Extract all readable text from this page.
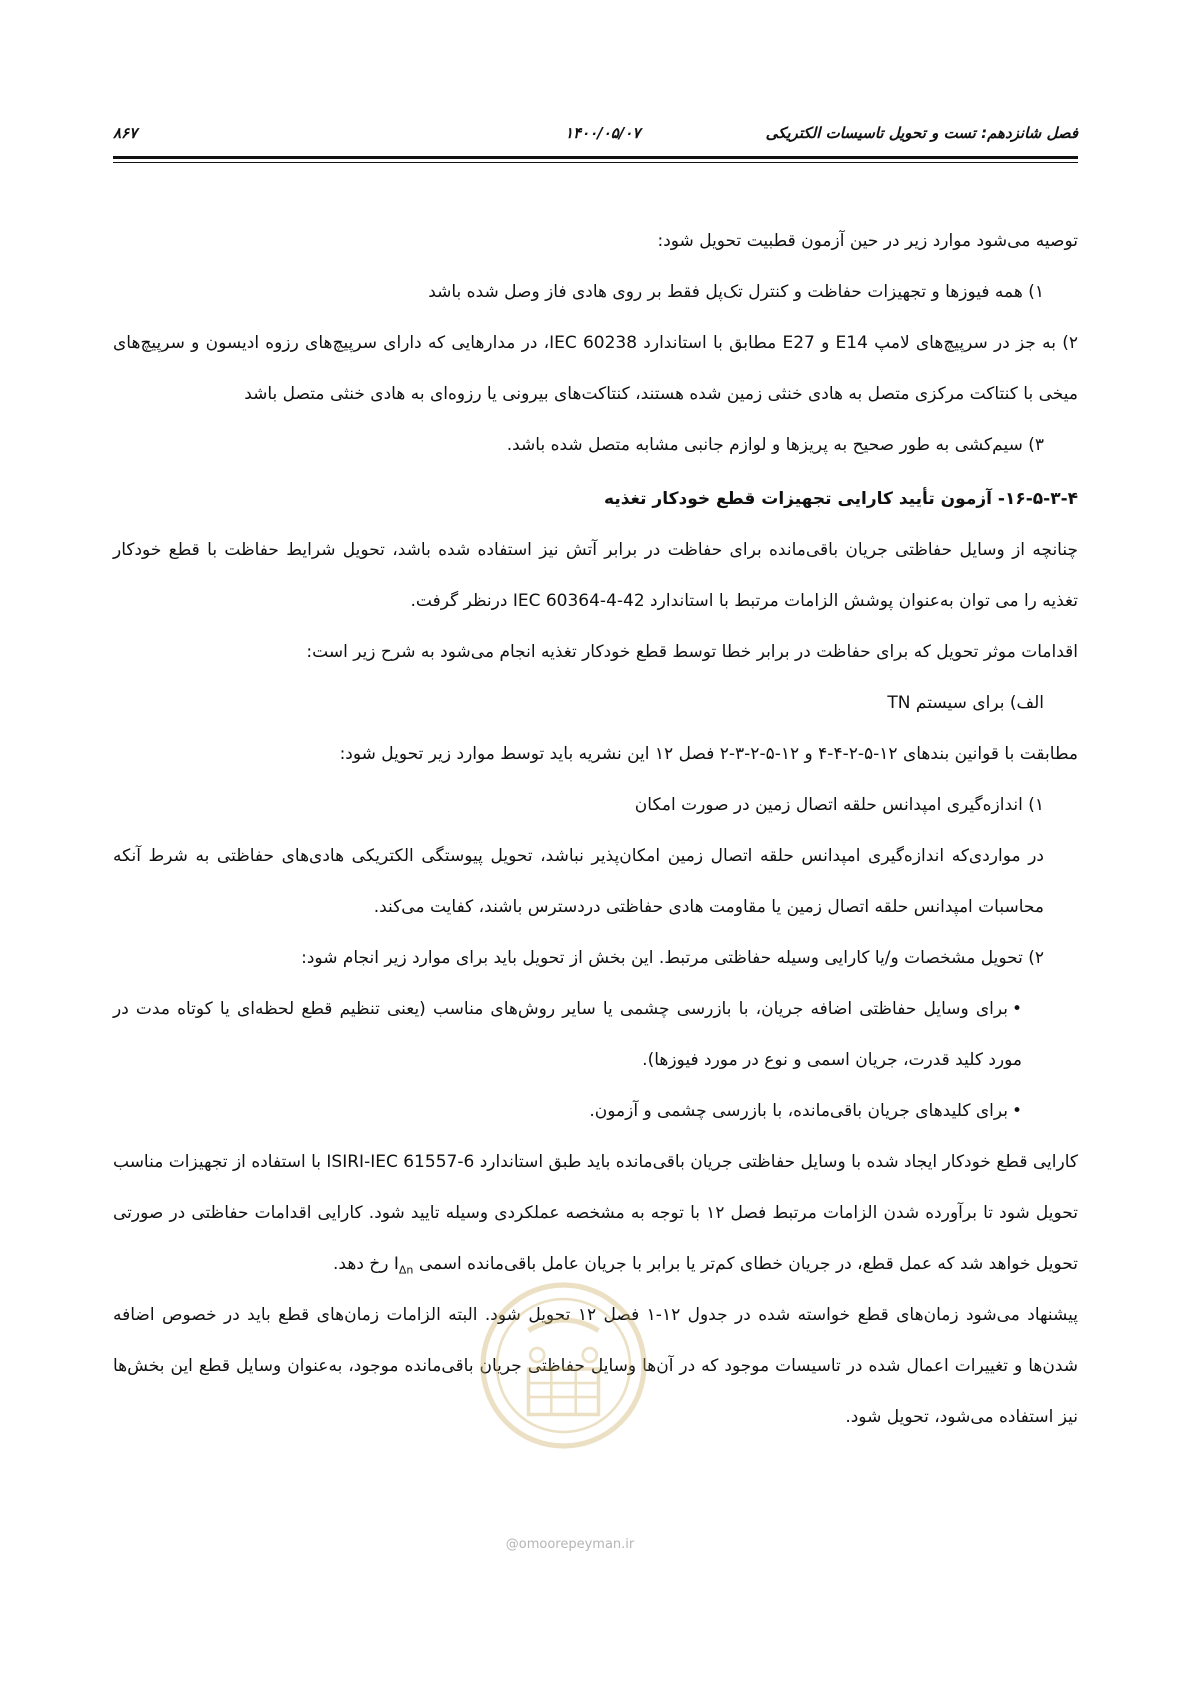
فصل شانزدهم: تست و تحویل تاسیسات الکتریکی
۱۴۰۰/۰۵/۰۷
۸۶۷

توصیه می‌شود موارد زیر در حین آزمون قطبیت تحویل شود:

۱) همه فیوزها و تجهیزات حفاظت و کنترل تک‌پل فقط بر روی هادی فاز وصل شده باشد

۲) به جز در سرپیچ‌های لامپ E14 و E27 مطابق با استاندارد IEC 60238، در مدارهایی که دارای سرپیچ‌های رزوه ادیسون و سرپیچ‌های میخی با کنتاکت مرکزی متصل به هادی خنثی زمین شده هستند، کنتاکت‌های بیرونی یا رزوه‌ای به هادی خنثی متصل باشد

۳) سیم‌کشی به طور صحیح به پریزها و لوازم جانبی مشابه متصل شده باشد.

۱۶-۵-۳-۴- آزمون تأیید کارایی تجهیزات قطع خودکار تغذیه

چنانچه از وسایل حفاظتی جریان باقی‌مانده برای حفاظت در برابر آتش نیز استفاده شده باشد، تحویل شرایط حفاظت با قطع خودکار تغذیه را می توان به‌عنوان پوشش الزامات مرتبط با استاندارد IEC 60364-4-42 درنظر گرفت.

اقدامات موثر تحویل که برای حفاظت در برابر خطا توسط قطع خودکار تغذیه انجام می‌شود به شرح زیر است:

الف) برای سیستم TN

مطابقت با قوانین بندهای ۱۲-۵-۲-۴-۴ و ۱۲-۵-۲-۳-۲ فصل ۱۲ این نشریه باید توسط موارد زیر تحویل شود:

۱) اندازه‌گیری امپدانس حلقه اتصال زمین در صورت امکان

در مواردی‌که اندازه‌گیری امپدانس حلقه اتصال زمین امکان‌پذیر نباشد، تحویل پیوستگی الکتریکی هادی‌های حفاظتی به شرط آنکه محاسبات امپدانس حلقه اتصال زمین یا مقاومت هادی حفاظتی دردسترس باشند، کفایت می‌کند.

۲) تحویل مشخصات و/یا کارایی وسیله حفاظتی مرتبط. این بخش از تحویل باید برای موارد زیر انجام شود:

•برای وسایل حفاظتی اضافه جریان، با بازرسی چشمی یا سایر روش‌های مناسب (یعنی تنظیم قطع لحظه‌ای یا کوتاه مدت در مورد کلید قدرت، جریان اسمی و نوع در مورد فیوزها).

•برای کلیدهای جریان باقی‌مانده، با بازرسی چشمی و آزمون.

کارایی قطع خودکار ایجاد شده با وسایل حفاظتی جریان باقی‌مانده باید طبق استاندارد ISIRI-IEC 61557-6 با استفاده از تجهیزات مناسب تحویل شود تا برآورده شدن الزامات مرتبط فصل ۱۲ با توجه به مشخصه عملکردی وسیله تایید شود. کارایی اقدامات حفاظتی در صورتی تحویل خواهد شد که عمل قطع، در جریان خطای کم‌تر یا برابر با جریان عامل باقی‌مانده اسمی $I_{\Delta n}$ رخ دهد.

پیشنهاد می‌شود زمان‌های قطع خواسته شده در جدول ۱۲-۱ فصل ۱۲ تحویل شود. البته الزامات زمان‌های قطع باید در خصوص اضافه شدن‌ها و تغییرات اعمال شده در تاسیسات موجود که در آن‌ها وسایل حفاظتی جریان باقی‌مانده موجود، به‌عنوان وسایل قطع این بخش‌ها نیز استفاده می‌شود، تحویل شود.

@omoorepeyman.ir
